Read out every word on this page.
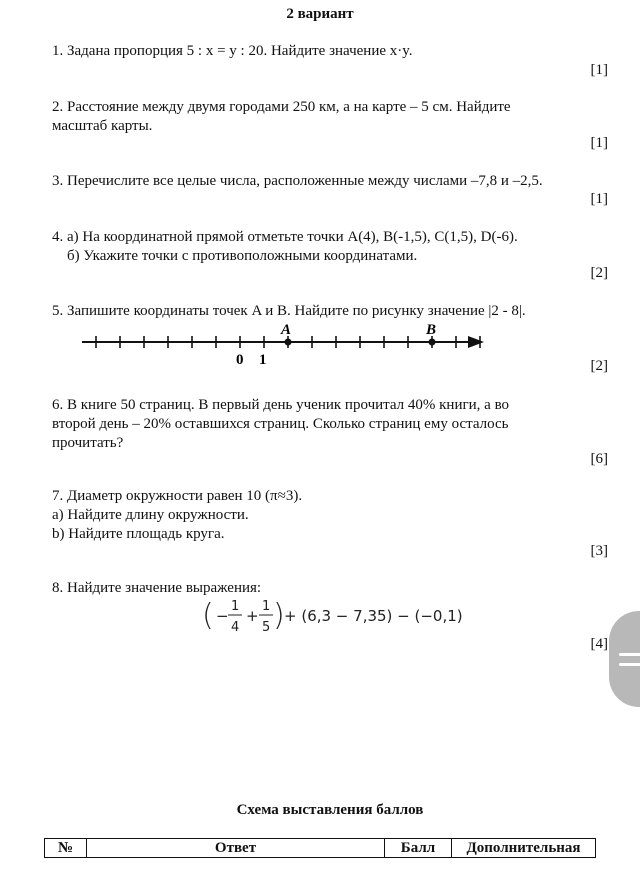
2 вариант
1. Задана пропорция 5 : x = y : 20. Найдите значение x·y.
[1]
2. Расстояние между двумя городами 250 км, а на карте – 5 см. Найдите
масштаб карты.
[1]
3. Перечислите все целые числа, расположенные между числами –7,8 и –2,5.
[1]
4. а) На координатной прямой отметьте точки A(4), B(-1,5), C(1,5), D(-6).
б) Укажите точки с противоположными координатами.
[2]
5. Запишите координаты точек A и B. Найдите по рисунку значение |2 - 8|.
A	B
0 1	[2]
6. В книге 50 страниц. В первый день ученик прочитал 40% книги, а во
второй день – 20% оставшихся страниц. Сколько страниц ему осталось
прочитать?
[6]
7. Диаметр окружности равен 10 (π≈3).
a) Найдите длину окружности.
b) Найдите площадь круга.
[3]
8. Найдите значение выражения:
( −
1
4
+
1
5 ) + (6,3 − 7,35) − (−0,1)
[4]
Схема выставления баллов
№	Ответ	Балл	Дополнительная
